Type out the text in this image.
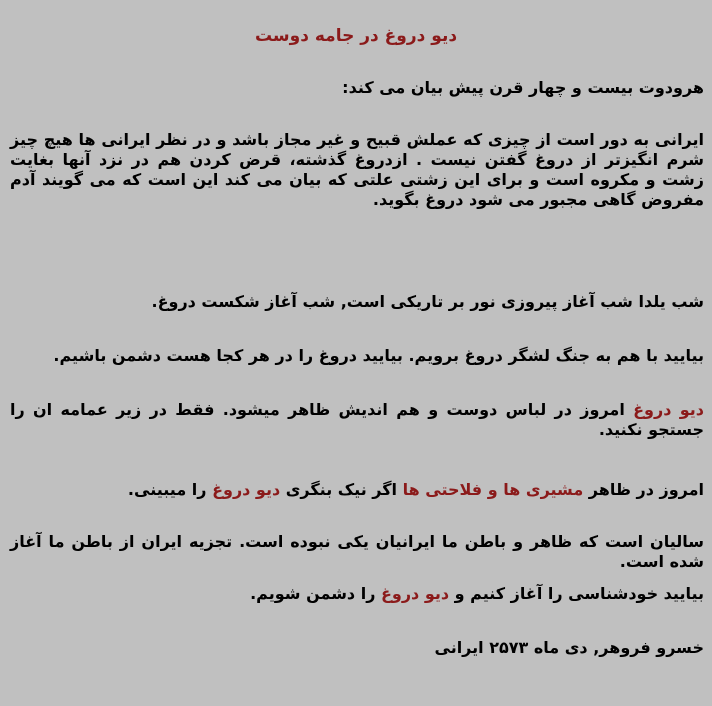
دیو دروغ در جامه دوست

هرودوت بیست و چهار قرن پیش بیان می کند:

ایرانی به دور است از چیزی که عملش قبیح و غیر مجاز باشد و در نظر ایرانی ها هیچ چیز شرم انگیزتر از دروغ گفتن نیست . ازدروغ گذشته، قرض کردن هم در نزد آنها بغایت زشت و مکروه است و برای این زشتی علتی که بیان می کند این است که می گویند آدم مفروض گاهی مجبور می شود دروغ بگوید.

شب یلدا شب آغاز پیروزی نور بر تاریکی است, شب آغاز شکست دروغ.

بیایید با هم به جنگ لشگر دروغ برویم. بیایید دروغ را در هر کجا هست دشمن باشیم.

دیو دروغ امروز در لباس دوست و هم اندیش ظاهر میشود. فقط در زیر عمامه ان را جستجو نکنید.

امروز در ظاهر مشیری ها و فلاحتی ها اگر نیک بنگری دیو دروغ را میبینی.

سالیان است که ظاهر و باطن ما ایرانیان یکی نبوده است. تجزیه ایران از باطن ما آغاز شده است.

بیایید خودشناسی را آغاز کنیم و دیو دروغ را دشمن شویم.

خسرو فروهر, دی ماه ۲۵۷۳ ایرانی
